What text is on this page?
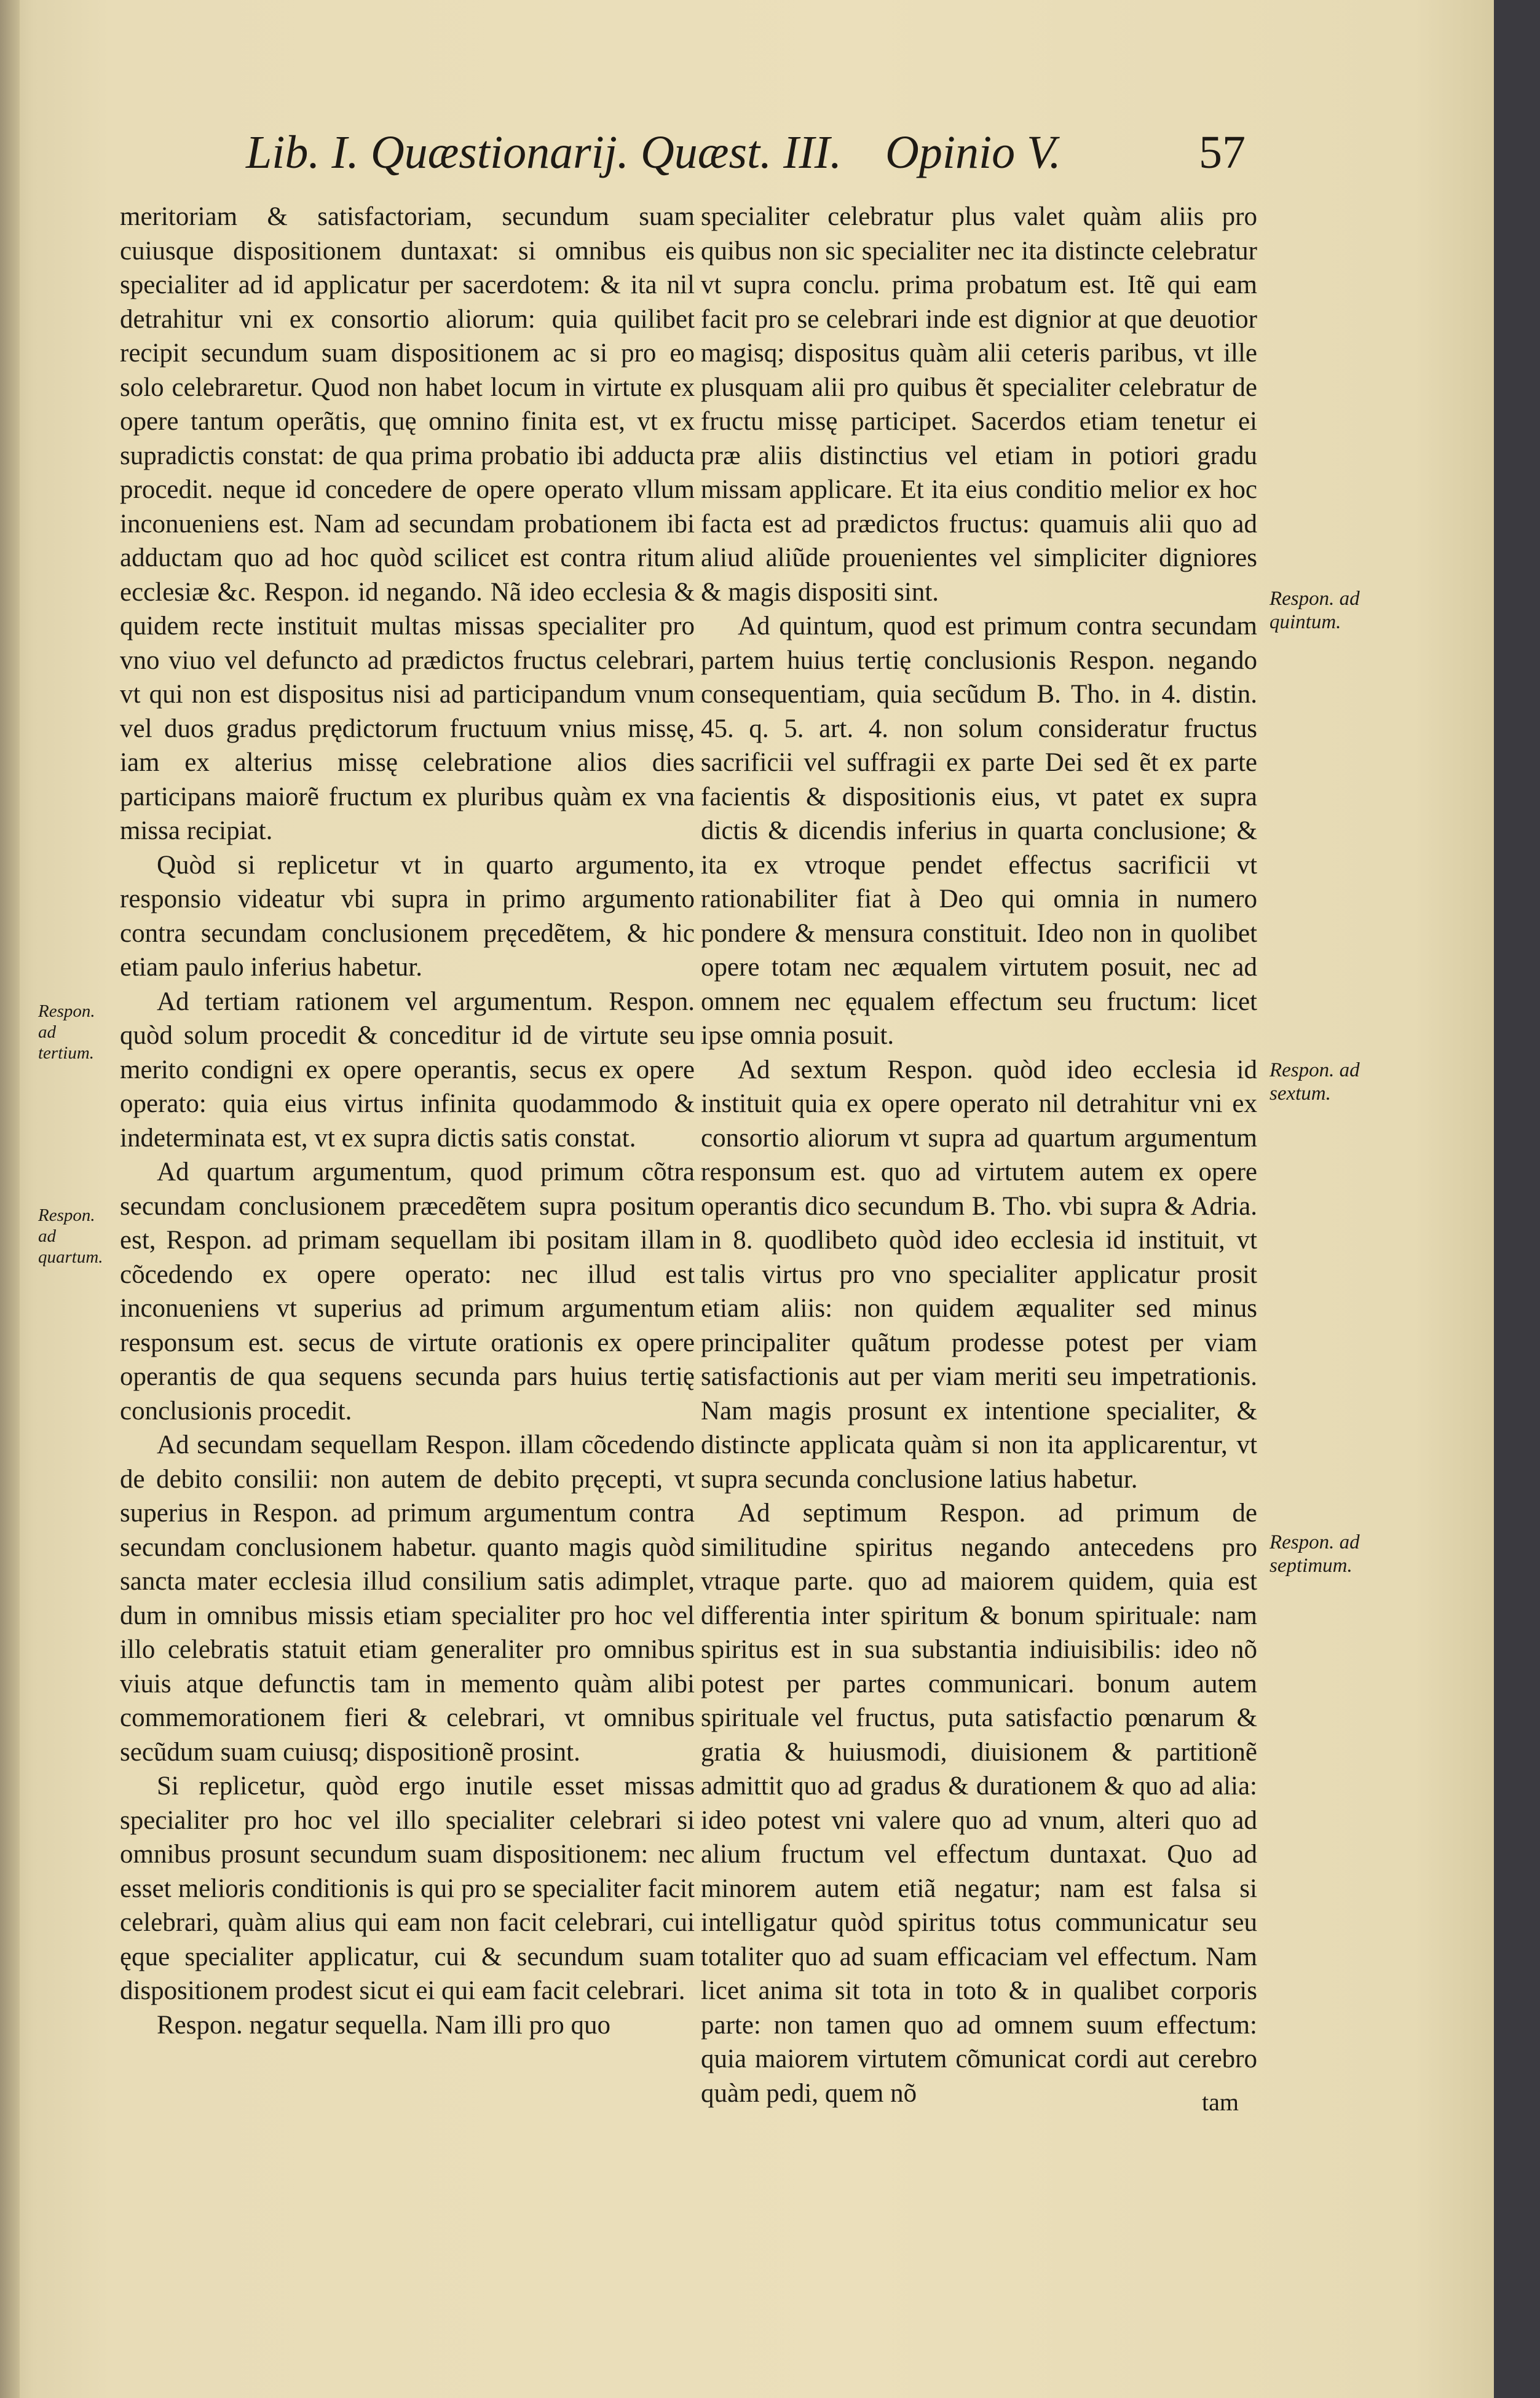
Lib. I. Quæstionarij. Quæst. III. Opinio V.	57

meritoriam & satisfactoriam, secundum suam cuiusque dispositionem duntaxat: si omnibus eis specialiter ad id applicatur per sacerdotem: & ita nil detrahitur vni ex consortio aliorum: quia quilibet recipit secundum suam dispositionem ac si pro eo solo celebraretur. Quod non habet locum in virtute ex opere tantum operãtis, quę omnino finita est, vt ex supradictis constat: de qua prima probatio ibi adducta procedit. neque id concedere de opere operato vllum inconueniens est. Nam ad secundam probationem ibi adductam quo ad hoc quòd scilicet est contra ritum ecclesiæ &c. Respon. id negando. Nã ideo ecclesia & quidem recte instituit multas missas specialiter pro vno viuo vel defuncto ad prædictos fructus celebrari, vt qui non est dispositus nisi ad participandum vnum vel duos gradus prędictorum fructuum vnius missę, iam ex alterius missę celebratione alios dies participans maiorẽ fructum ex pluribus quàm ex vna missa recipiat.

Quòd si replicetur vt in quarto argumento, responsio videatur vbi supra in primo argumento contra secundam conclusionem pręcedẽtem, & hic etiam paulo inferius habetur.

Ad tertiam rationem vel argumentum. Respon. quòd solum procedit & conceditur id de virtute seu merito condigni ex opere operantis, secus ex opere operato: quia eius virtus infinita quodammodo & indeterminata est, vt ex supra dictis satis constat.

Ad quartum argumentum, quod primum cõtra secundam conclusionem præcedẽtem supra positum est, Respon. ad primam sequellam ibi positam illam cõcedendo ex opere operato: nec illud est inconueniens vt superius ad primum argumentum responsum est. secus de virtute orationis ex opere operantis de qua sequens secunda pars huius tertię conclusionis procedit.

Ad secundam sequellam Respon. illam cõcedendo de debito consilii: non autem de debito pręcepti, vt superius in Respon. ad primum argumentum contra secundam conclusionem habetur. quanto magis quòd sancta mater ecclesia illud consilium satis adimplet, dum in omnibus missis etiam specialiter pro hoc vel illo celebratis statuit etiam generaliter pro omnibus viuis atque defunctis tam in memento quàm alibi commemorationem fieri & celebrari, vt omnibus secũdum suam cuiusq; dispositionẽ prosint.

Si replicetur, quòd ergo inutile esset missas specialiter pro hoc vel illo specialiter celebrari si omnibus prosunt secundum suam dispositionem: nec esset melioris conditionis is qui pro se specialiter facit celebrari, quàm alius qui eam non facit celebrari, cui ęque specialiter applicatur, cui & secundum suam dispositionem prodest sicut ei qui eam facit celebrari.

Respon. negatur sequella. Nam illi pro quo

specialiter celebratur plus valet quàm aliis pro quibus non sic specialiter nec ita distincte celebratur vt supra conclu. prima probatum est. Itẽ qui eam facit pro se celebrari inde est dignior at que deuotior magisq; dispositus quàm alii ceteris paribus, vt ille plusquam alii pro quibus ẽt specialiter celebratur de fructu missę participet. Sacerdos etiam tenetur ei præ aliis distinctius vel etiam in potiori gradu missam applicare. Et ita eius conditio melior ex hoc facta est ad prædictos fructus: quamuis alii quo ad aliud aliũde prouenientes vel simpliciter digniores & magis dispositi sint.

Ad quintum, quod est primum contra secundam partem huius tertię conclusionis Respon. negando consequentiam, quia secũdum B. Tho. in 4. distin. 45. q. 5. art. 4. non solum consideratur fructus sacrificii vel suffragii ex parte Dei sed ẽt ex parte facientis & dispositionis eius, vt patet ex supra dictis & dicendis inferius in quarta conclusione; & ita ex vtroque pendet effectus sacrificii vt rationabiliter fiat à Deo qui omnia in numero pondere & mensura constituit. Ideo non in quolibet opere totam nec æqualem virtutem posuit, nec ad omnem nec ęqualem effectum seu fructum: licet ipse omnia posuit.

Ad sextum Respon. quòd ideo ecclesia id instituit quia ex opere operato nil detrahitur vni ex consortio aliorum vt supra ad quartum argumentum responsum est. quo ad virtutem autem ex opere operantis dico secundum B. Tho. vbi supra & Adria. in 8. quodlibeto quòd ideo ecclesia id instituit, vt talis virtus pro vno specialiter applicatur prosit etiam aliis: non quidem æqualiter sed minus principaliter quãtum prodesse potest per viam satisfactionis aut per viam meriti seu impetrationis. Nam magis prosunt ex intentione specialiter, & distincte applicata quàm si non ita applicarentur, vt supra secunda conclusione latius habetur.

Ad septimum Respon. ad primum de similitudine spiritus negando antecedens pro vtraque parte. quo ad maiorem quidem, quia est differentia inter spiritum & bonum spirituale: nam spiritus est in sua substantia indiuisibilis: ideo nõ potest per partes communicari. bonum autem spirituale vel fructus, puta satisfactio pœnarum & gratia & huiusmodi, diuisionem & partitionẽ admittit quo ad gradus & durationem & quo ad alia: ideo potest vni valere quo ad vnum, alteri quo ad alium fructum vel effectum duntaxat. Quo ad minorem autem etiã negatur; nam est falsa si intelligatur quòd spiritus totus communicatur seu totaliter quo ad suam efficaciam vel effectum. Nam licet anima sit tota in toto & in qualibet corporis parte: non tamen quo ad omnem suum effectum: quia maiorem virtutem cõmunicat cordi aut cerebro quàm pedi, quem nõ

Respon. ad
tertium.
Respon. ad
quartum.
Respon. ad
quintum.
Respon. ad
sextum.
Respon. ad
septimum.
tam
